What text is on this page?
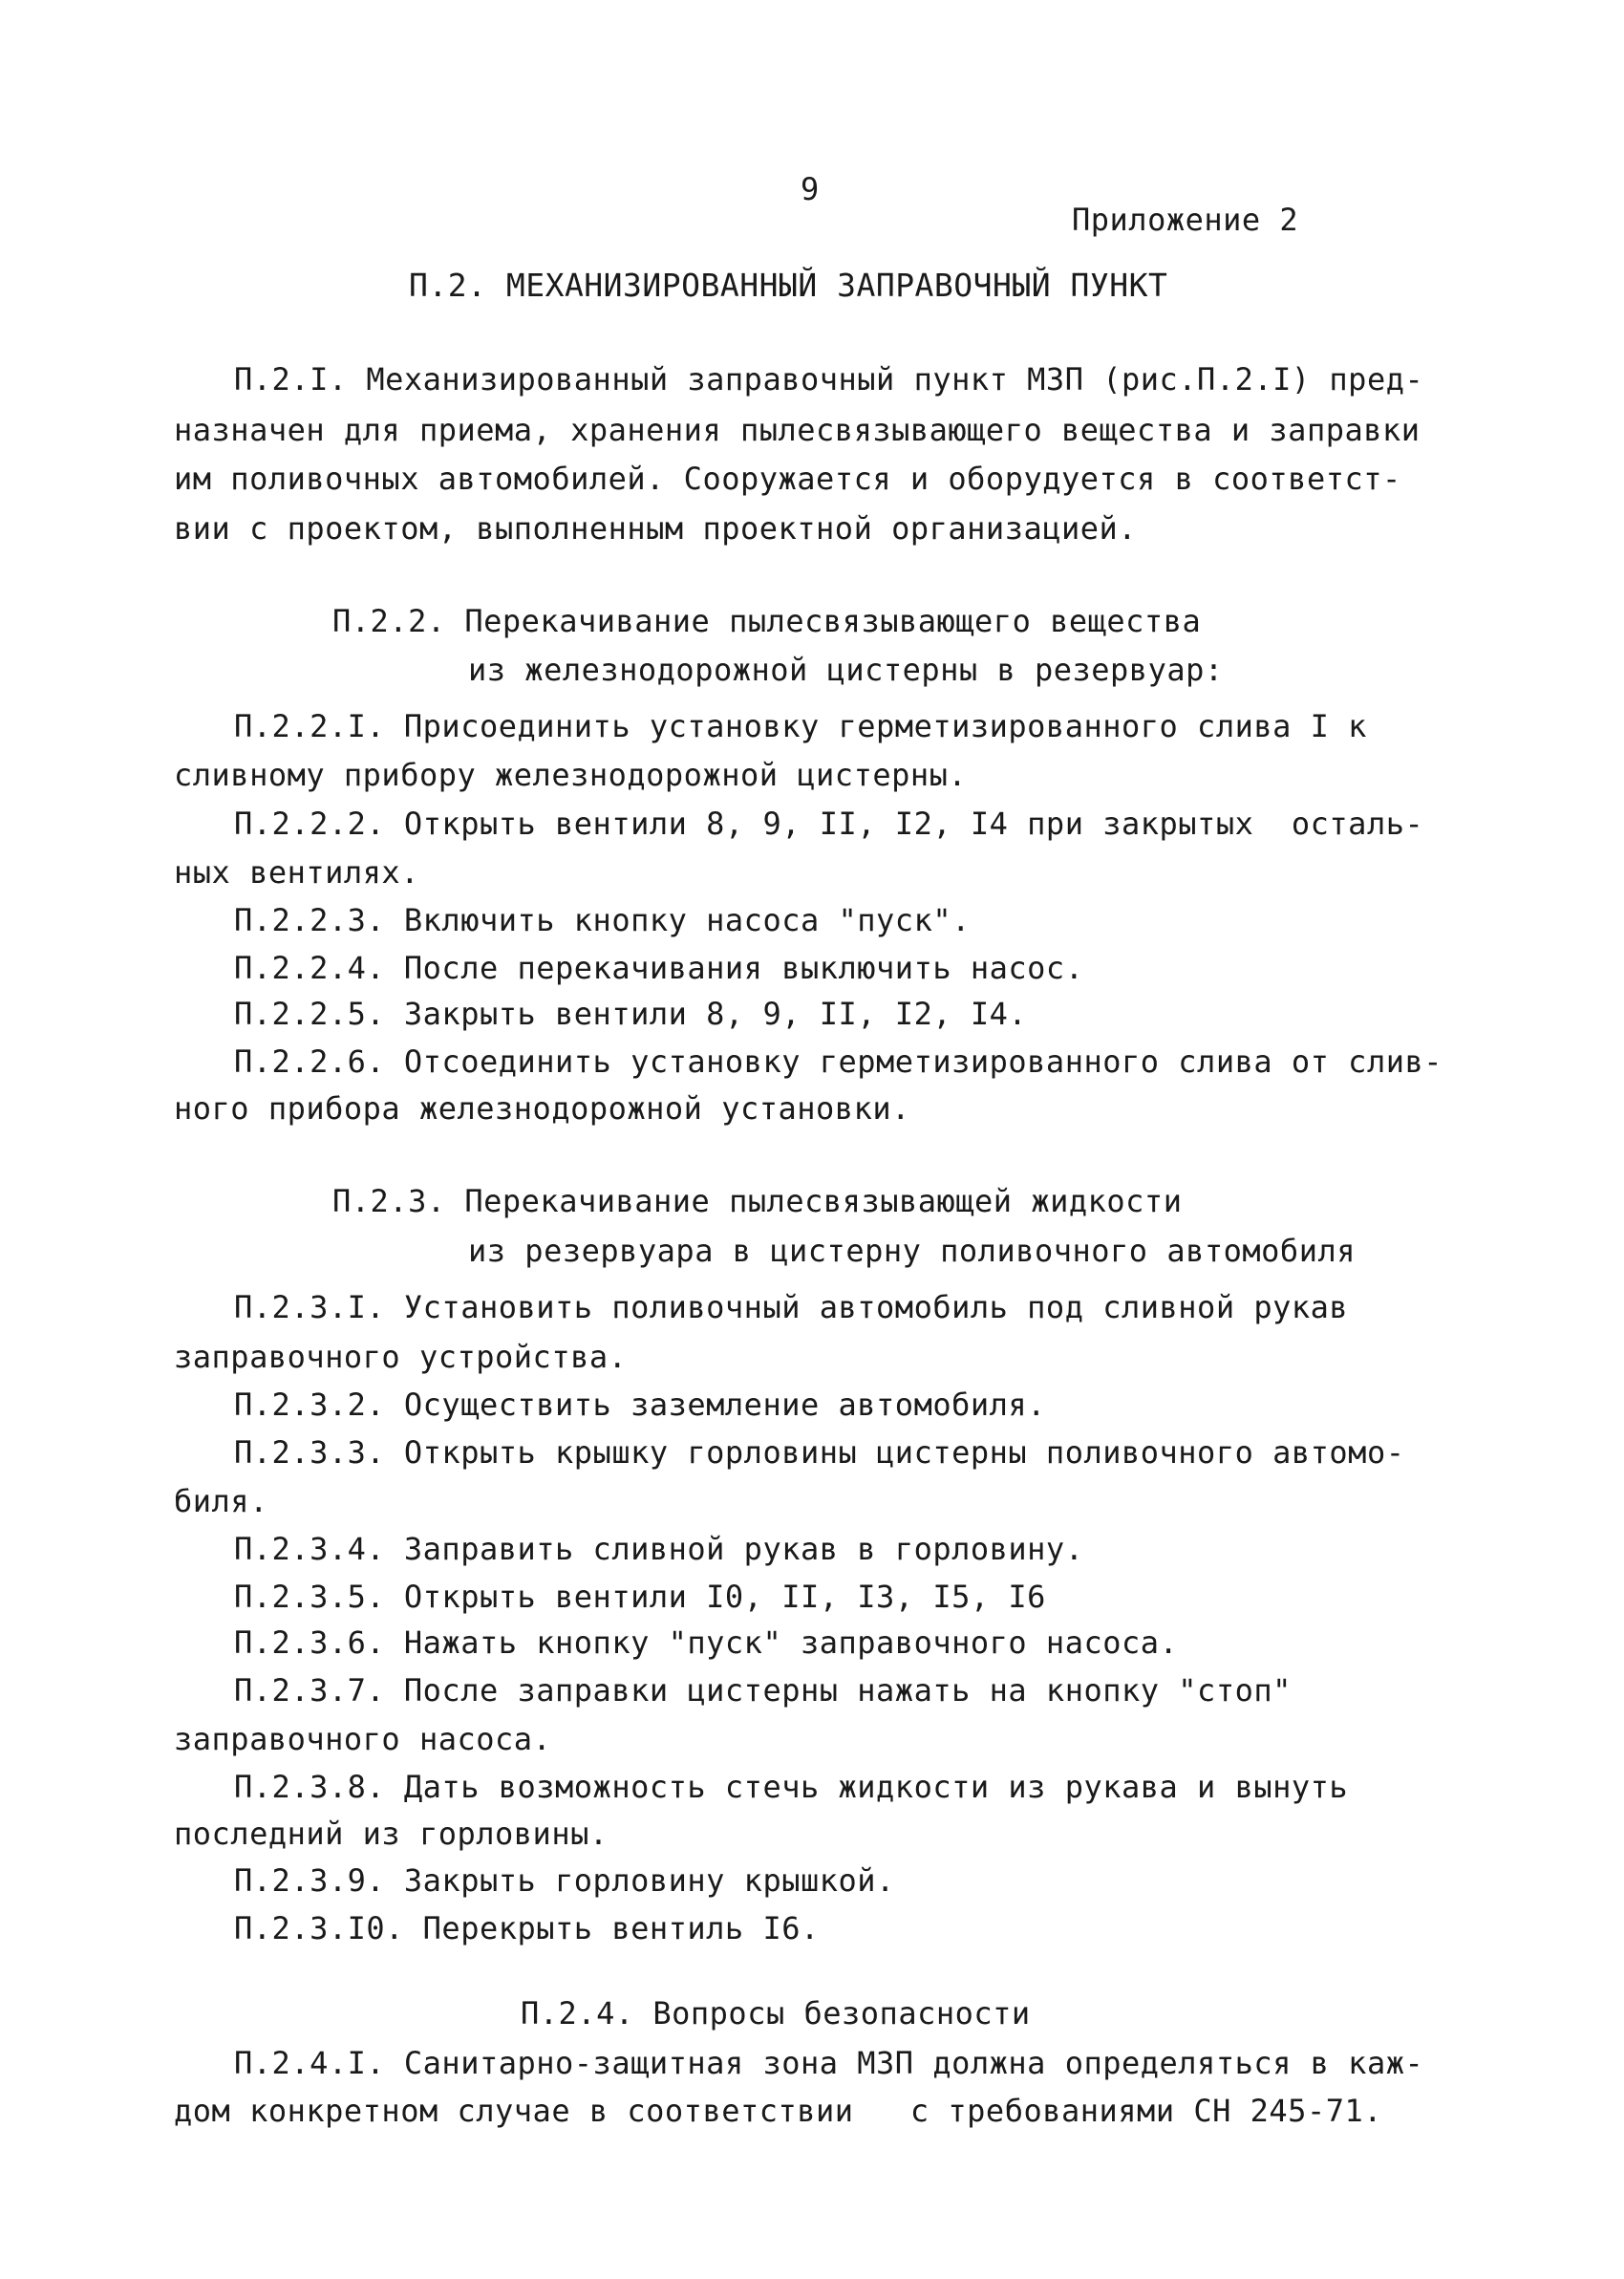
9
Приложение 2
П.2. МЕХАНИЗИРОВАННЫЙ ЗАПРАВОЧНЫЙ ПУНКТ
П.2.I. Механизированный заправочный пункт МЗП (рис.П.2.I) пред-
назначен для приема, хранения пылесвязывающего вещества и заправки
им поливочных автомобилей. Сооружается и оборудуется в соответст-
вии с проектом, выполненным проектной организацией.
П.2.2. Перекачивание пылесвязывающего вещества
из железнодорожной цистерны в резервуар:
П.2.2.I. Присоединить установку герметизированного слива I к
сливному прибору железнодорожной цистерны.
П.2.2.2. Открыть вентили 8, 9, II, I2, I4 при закрытых  осталь-
ных вентилях.
П.2.2.3. Включить кнопку насоса "пуск".
П.2.2.4. После перекачивания выключить насос.
П.2.2.5. Закрыть вентили 8, 9, II, I2, I4.
П.2.2.6. Отсоединить установку герметизированного слива от слив-
ного прибора железнодорожной установки.
П.2.3. Перекачивание пылесвязывающей жидкости
из резервуара в цистерну поливочного автомобиля
П.2.3.I. Установить поливочный автомобиль под сливной рукав
заправочного устройства.
П.2.3.2. Осуществить заземление автомобиля.
П.2.3.3. Открыть крышку горловины цистерны поливочного автомо-
биля.
П.2.3.4. Заправить сливной рукав в горловину.
П.2.3.5. Открыть вентили I0, II, I3, I5, I6
П.2.3.6. Нажать кнопку "пуск" заправочного насоса.
П.2.3.7. После заправки цистерны нажать на кнопку "стоп"
заправочного насоса.
П.2.3.8. Дать возможность стечь жидкости из рукава и вынуть
последний из горловины.
П.2.3.9. Закрыть горловину крышкой.
П.2.3.I0. Перекрыть вентиль I6.
П.2.4. Вопросы безопасности
П.2.4.I. Санитарно-защитная зона МЗП должна определяться в каж-
дом конкретном случае в соответствии   с требованиями СН 245-71.
